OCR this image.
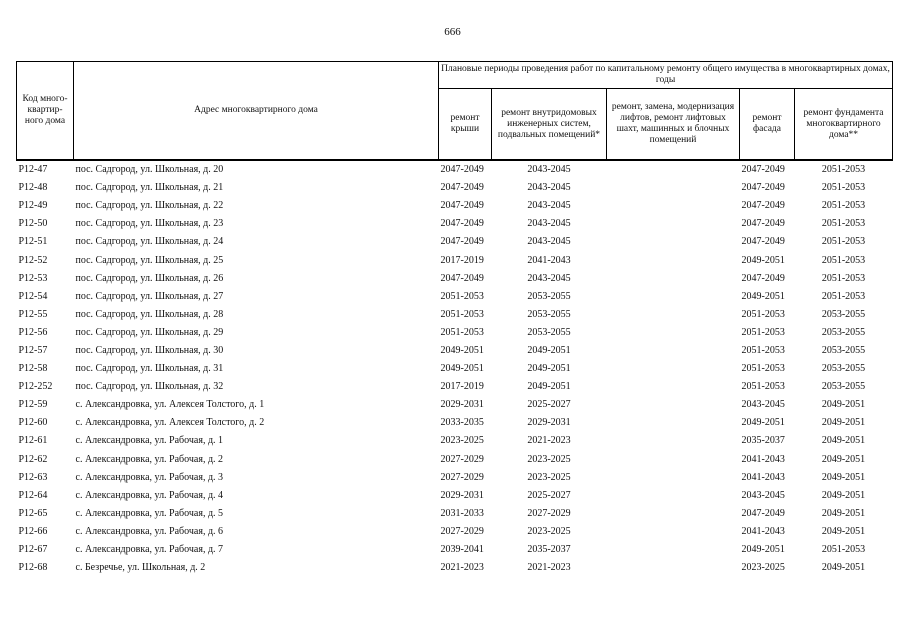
666
Код много-квартир-ного дома	Адрес многоквартирного дома	Плановые периоды проведения работ по капитальному ремонту общего имущества в многоквартирных домах, годы				
		ремонт крыши	ремонт внутридомовых инженерных систем, подвальных помещений*	ремонт, замена, модернизация лифтов, ремонт лифтовых шахт, машинных и блочных помещений	ремонт фасада	ремонт фундамента многоквартирного дома**
Р12-47	пос. Садгород, ул. Школьная, д. 20	2047-2049	2043-2045		2047-2049	2051-2053
Р12-48	пос. Садгород, ул. Школьная, д. 21	2047-2049	2043-2045		2047-2049	2051-2053
Р12-49	пос. Садгород, ул. Школьная, д. 22	2047-2049	2043-2045		2047-2049	2051-2053
Р12-50	пос. Садгород, ул. Школьная, д. 23	2047-2049	2043-2045		2047-2049	2051-2053
Р12-51	пос. Садгород, ул. Школьная, д. 24	2047-2049	2043-2045		2047-2049	2051-2053
Р12-52	пос. Садгород, ул. Школьная, д. 25	2017-2019	2041-2043		2049-2051	2051-2053
Р12-53	пос. Садгород, ул. Школьная, д. 26	2047-2049	2043-2045		2047-2049	2051-2053
Р12-54	пос. Садгород, ул. Школьная, д. 27	2051-2053	2053-2055		2049-2051	2051-2053
Р12-55	пос. Садгород, ул. Школьная, д. 28	2051-2053	2053-2055		2051-2053	2053-2055
Р12-56	пос. Садгород, ул. Школьная, д. 29	2051-2053	2053-2055		2051-2053	2053-2055
Р12-57	пос. Садгород, ул. Школьная, д. 30	2049-2051	2049-2051		2051-2053	2053-2055
Р12-58	пос. Садгород, ул. Школьная, д. 31	2049-2051	2049-2051		2051-2053	2053-2055
Р12-252	пос. Садгород, ул. Школьная, д. 32	2017-2019	2049-2051		2051-2053	2053-2055
Р12-59	с. Александровка, ул. Алексея Толстого, д. 1	2029-2031	2025-2027		2043-2045	2049-2051
Р12-60	с. Александровка, ул. Алексея Толстого, д. 2	2033-2035	2029-2031		2049-2051	2049-2051
Р12-61	с. Александровка, ул. Рабочая, д. 1	2023-2025	2021-2023		2035-2037	2049-2051
Р12-62	с. Александровка, ул. Рабочая, д. 2	2027-2029	2023-2025		2041-2043	2049-2051
Р12-63	с. Александровка, ул. Рабочая, д. 3	2027-2029	2023-2025		2041-2043	2049-2051
Р12-64	с. Александровка, ул. Рабочая, д. 4	2029-2031	2025-2027		2043-2045	2049-2051
Р12-65	с. Александровка, ул. Рабочая, д. 5	2031-2033	2027-2029		2047-2049	2049-2051
Р12-66	с. Александровка, ул. Рабочая, д. 6	2027-2029	2023-2025		2041-2043	2049-2051
Р12-67	с. Александровка, ул. Рабочая, д. 7	2039-2041	2035-2037		2049-2051	2051-2053
Р12-68	с. Безречье, ул. Школьная, д. 2	2021-2023	2021-2023		2023-2025	2049-2051
